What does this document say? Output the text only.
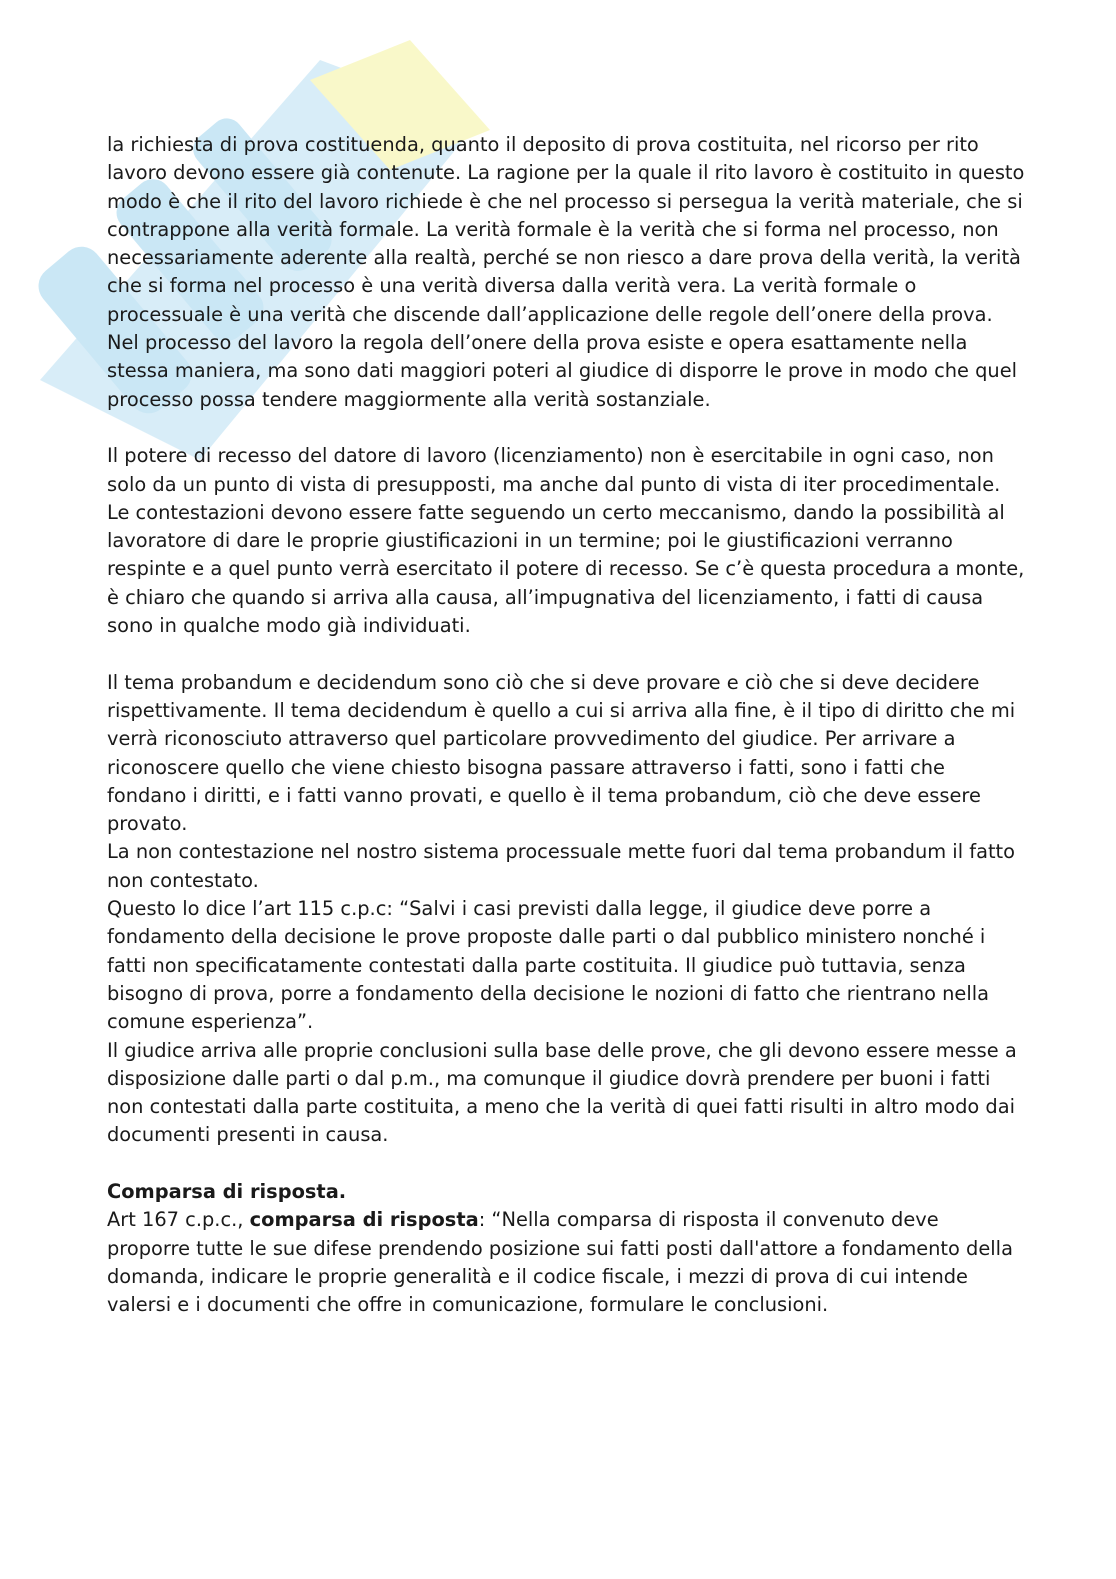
la richiesta di prova costituenda, quanto il deposito di prova costituita, nel ricorso per rito lavoro devono essere già contenute. La ragione per la quale il rito lavoro è costituito in questo modo è che il rito del lavoro richiede è che nel processo si persegua la verità materiale, che si contrappone alla verità formale. La verità formale è la verità che si forma nel processo, non necessariamente aderente alla realtà, perché se non riesco a dare prova della verità, la verità che si forma nel processo è una verità diversa dalla verità vera. La verità formale o processuale è una verità che discende dall’applicazione delle regole dell’onere della prova. Nel processo del lavoro la regola dell’onere della prova esiste e opera esattamente nella stessa maniera, ma sono dati maggiori poteri al giudice di disporre le prove in modo che quel processo possa tendere maggiormente alla verità sostanziale.

Il potere di recesso del datore di lavoro (licenziamento) non è esercitabile in ogni caso, non solo da un punto di vista di presupposti, ma anche dal punto di vista di iter procedimentale. Le contestazioni devono essere fatte seguendo un certo meccanismo, dando la possibilità al lavoratore di dare le proprie giustificazioni in un termine; poi le giustificazioni verranno respinte e a quel punto verrà esercitato il potere di recesso. Se c’è questa procedura a monte, è chiaro che quando si arriva alla causa, all’impugnativa del licenziamento, i fatti di causa sono in qualche modo già individuati.

Il tema probandum e decidendum sono ciò che si deve provare e ciò che si deve decidere rispettivamente. Il tema decidendum è quello a cui si arriva alla fine, è il tipo di diritto che mi verrà riconosciuto attraverso quel particolare provvedimento del giudice. Per arrivare a riconoscere quello che viene chiesto bisogna passare attraverso i fatti, sono i fatti che fondano i diritti, e i fatti vanno provati, e quello è il tema probandum, ciò che deve essere provato.

La non contestazione nel nostro sistema processuale mette fuori dal tema probandum il fatto non contestato.

Questo lo dice l’art 115 c.p.c: “Salvi i casi previsti dalla legge, il giudice deve porre a fondamento della decisione le prove proposte dalle parti o dal pubblico ministero nonché i fatti non specificatamente contestati dalla parte costituita. Il giudice può tuttavia, senza bisogno di prova, porre a fondamento della decisione le nozioni di fatto che rientrano nella comune esperienza”.

Il giudice arriva alle proprie conclusioni sulla base delle prove, che gli devono essere messe a disposizione dalle parti o dal p.m., ma comunque il giudice dovrà prendere per buoni i fatti non contestati dalla parte costituita, a meno che la verità di quei fatti risulti in altro modo dai documenti presenti in causa.

Comparsa di risposta.

Art 167 c.p.c., comparsa di risposta: “Nella comparsa di risposta il convenuto deve proporre tutte le sue difese prendendo posizione sui fatti posti dall'attore a fondamento della domanda, indicare le proprie generalità e il codice fiscale, i mezzi di prova di cui intende valersi e i documenti che offre in comunicazione, formulare le conclusioni.
